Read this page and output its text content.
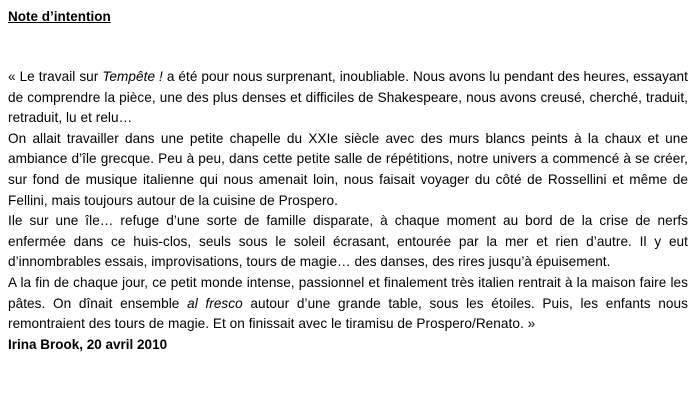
Note d’intention

« Le travail sur Tempête ! a été pour nous surprenant, inoubliable. Nous avons lu pendant des heures, essayant de comprendre la pièce, une des plus denses et difficiles de Shakespeare, nous avons creusé, cherché, traduit, retraduit, lu et relu…

On allait travailler dans une petite chapelle du XXIe siècle avec des murs blancs peints à la chaux et une ambiance d’île grecque. Peu à peu, dans cette petite salle de répétitions, notre univers a commencé à se créer, sur fond de musique italienne qui nous amenait loin, nous faisait voyager du côté de Rossellini et même de Fellini, mais toujours autour de la cuisine de Prospero.

Ile sur une île… refuge d’une sorte de famille disparate, à chaque moment au bord de la crise de nerfs enfermée dans ce huis-clos, seuls sous le soleil écrasant, entourée par la mer et rien d’autre. Il y eut d’innombrables essais, improvisations, tours de magie… des danses, des rires jusqu’à épuisement.

A la fin de chaque jour, ce petit monde intense, passionnel et finalement très italien rentrait à la maison faire les pâtes. On dînait ensemble al fresco autour d’une grande table, sous les étoiles. Puis, les enfants nous remontraient des tours de magie. Et on finissait avec le tiramisu de Prospero/Renato. »

Irina Brook, 20 avril 2010
